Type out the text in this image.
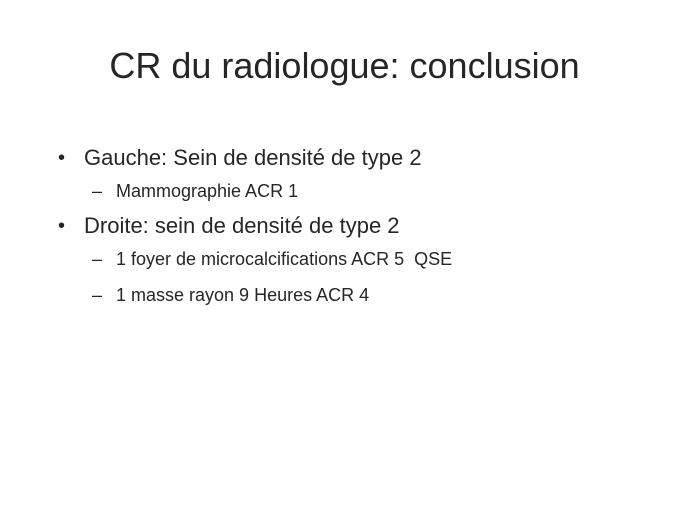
CR du radiologue: conclusion
• Gauche: Sein de densité de type 2
– Mammographie ACR 1
• Droite: sein de densité de type 2
– 1 foyer de microcalcifications ACR 5  QSE
– 1 masse rayon 9 Heures ACR 4
